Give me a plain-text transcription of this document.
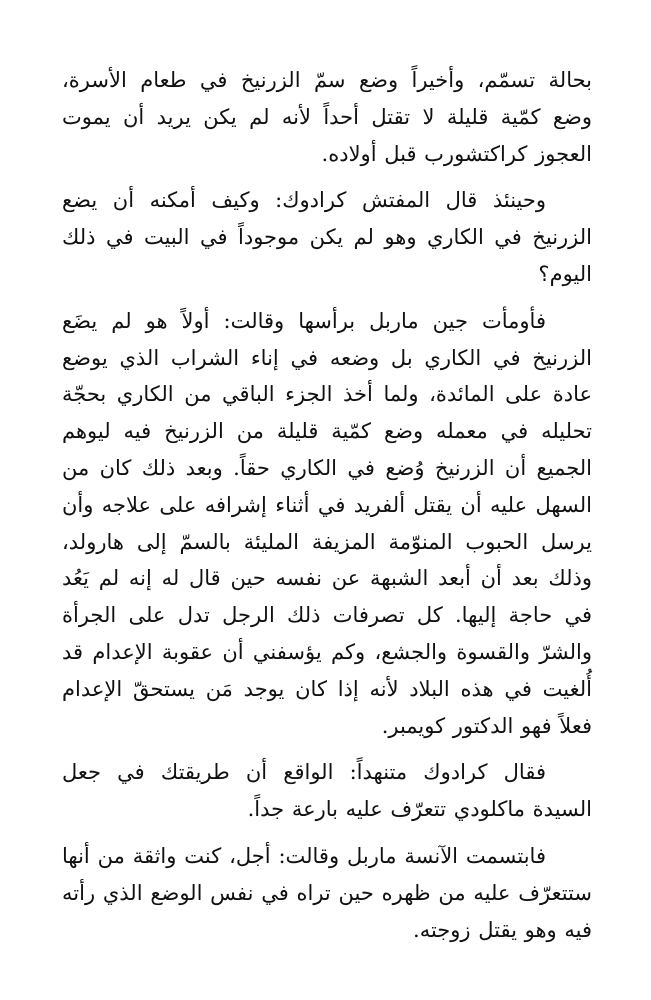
بحالة تسمّم، وأخيراً وضع سمّ الزرنيخ في طعام الأسرة، وضع كمّية قليلة لا تقتل أحداً لأنه لم يكن يريد أن يموت العجوز كراكتشورب قبل أولاده.

وحينئذ قال المفتش كرادوك: وكيف أمكنه أن يضع الزرنيخ في الكاري وهو لم يكن موجوداً في البيت في ذلك اليوم؟

فأومأت جين ماربل برأسها وقالت: أولاً هو لم يضَع الزرنيخ في الكاري بل وضعه في إناء الشراب الذي يوضع عادة على المائدة، ولما أخذ الجزء الباقي من الكاري بحجّة تحليله في معمله وضع كمّية قليلة من الزرنيخ فيه ليوهم الجميع أن الزرنيخ وُضع في الكاري حقاً. وبعد ذلك كان من السهل عليه أن يقتل ألفريد في أثناء إشرافه على علاجه وأن يرسل الحبوب المنوّمة المزيفة المليئة بالسمّ إلى هارولد، وذلك بعد أن أبعد الشبهة عن نفسه حين قال له إنه لم يَعُد في حاجة إليها. كل تصرفات ذلك الرجل تدل على الجرأة والشرّ والقسوة والجشع، وكم يؤسفني أن عقوبة الإعدام قد أُلغيت في هذه البلاد لأنه إذا كان يوجد مَن يستحقّ الإعدام فعلاً فهو الدكتور كويمبر.

فقال كرادوك متنهداً: الواقع أن طريقتك في جعل السيدة ماكلودي تتعرّف عليه بارعة جداً.

فابتسمت الآنسة ماربل وقالت: أجل، كنت واثقة من أنها ستتعرّف عليه من ظهره حين تراه في نفس الوضع الذي رأته فيه وهو يقتل زوجته.
